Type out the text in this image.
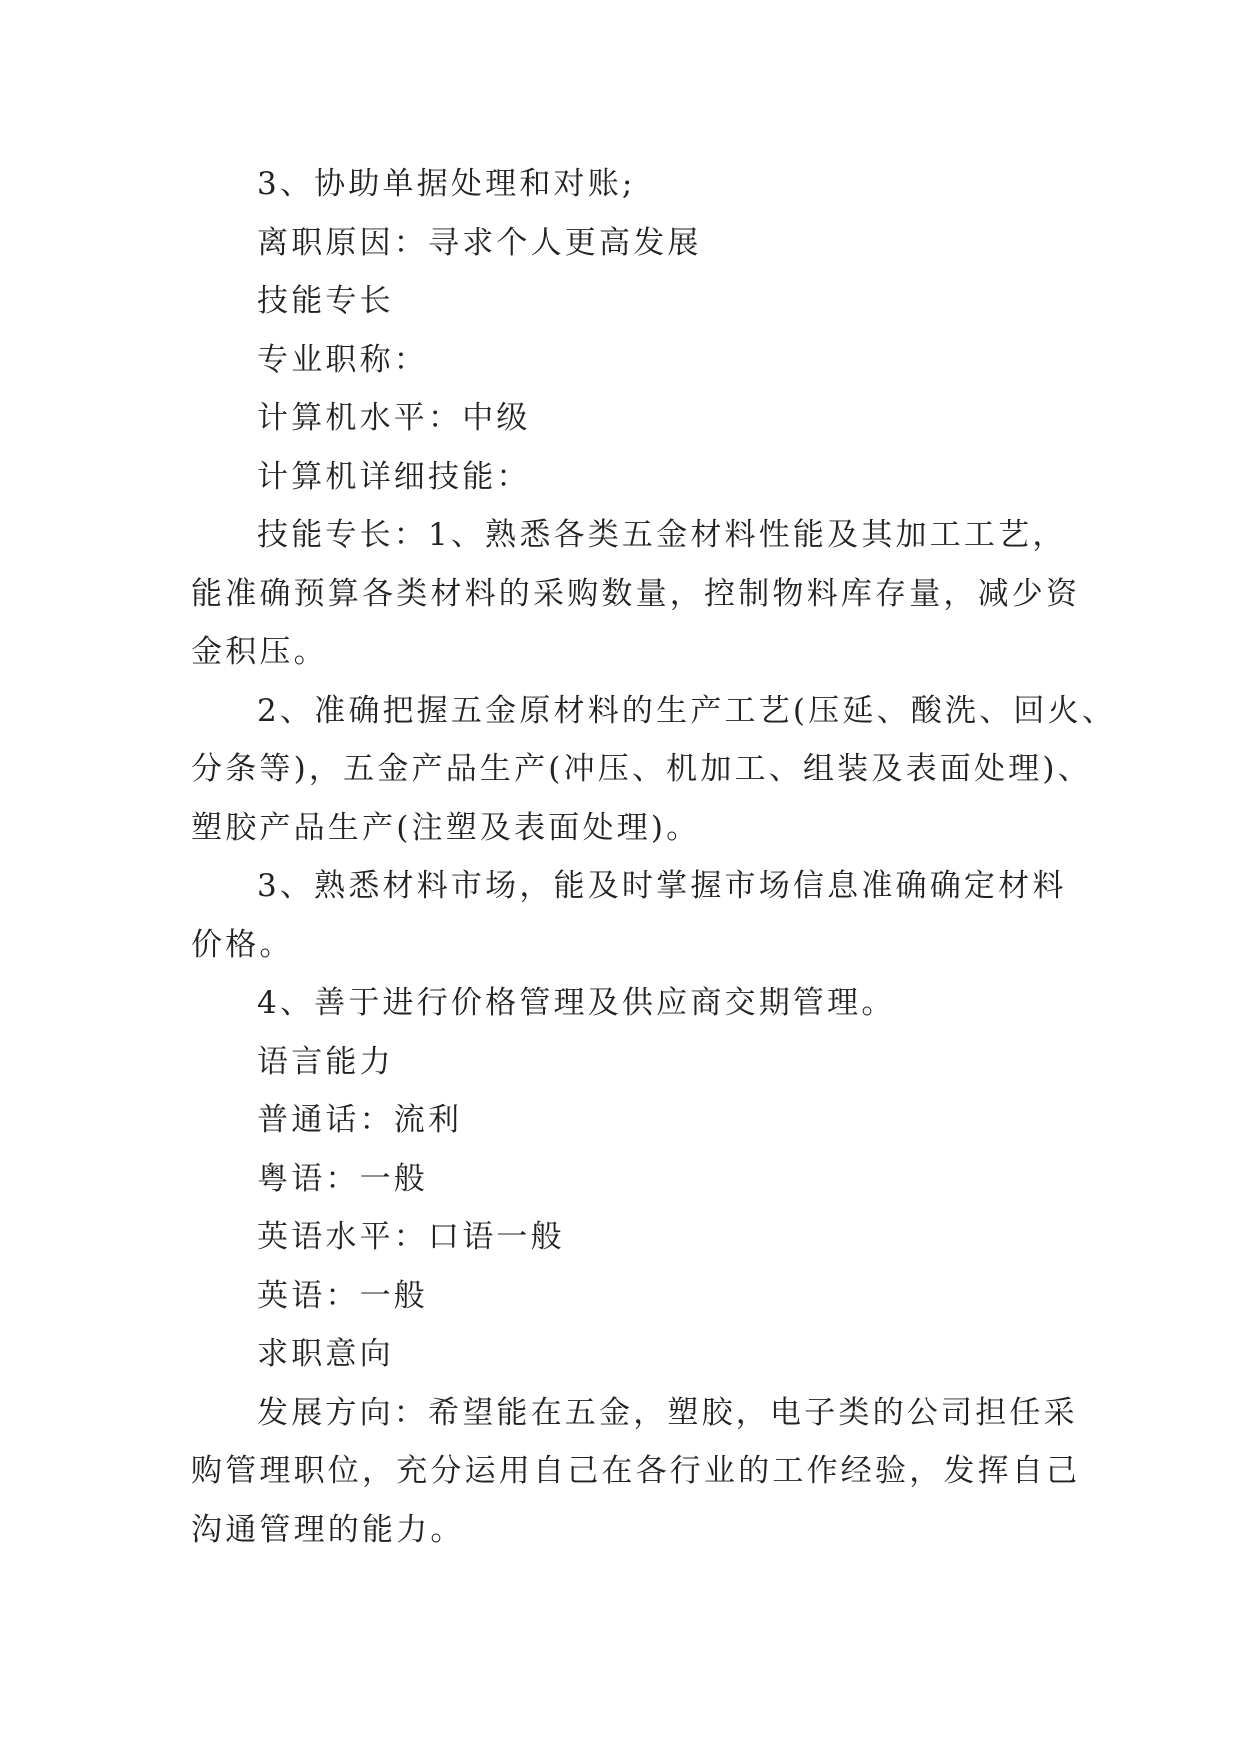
3、协助单据处理和对账;

离职原因：寻求个人更高发展

技能专长

专业职称：

计算机水平：中级

计算机详细技能：

技能专长：1、熟悉各类五金材料性能及其加工工艺，
能准确预算各类材料的采购数量，控制物料库存量，减少资
金积压。

2、准确把握五金原材料的生产工艺(压延、酸洗、回火、
分条等)，五金产品生产(冲压、机加工、组装及表面处理)、
塑胶产品生产(注塑及表面处理)。

3、熟悉材料市场，能及时掌握市场信息准确确定材料
价格。

4、善于进行价格管理及供应商交期管理。

语言能力

普通话：流利

粤语：一般

英语水平：口语一般

英语：一般

求职意向

发展方向：希望能在五金，塑胶，电子类的公司担任采
购管理职位，充分运用自己在各行业的工作经验，发挥自己
沟通管理的能力。
